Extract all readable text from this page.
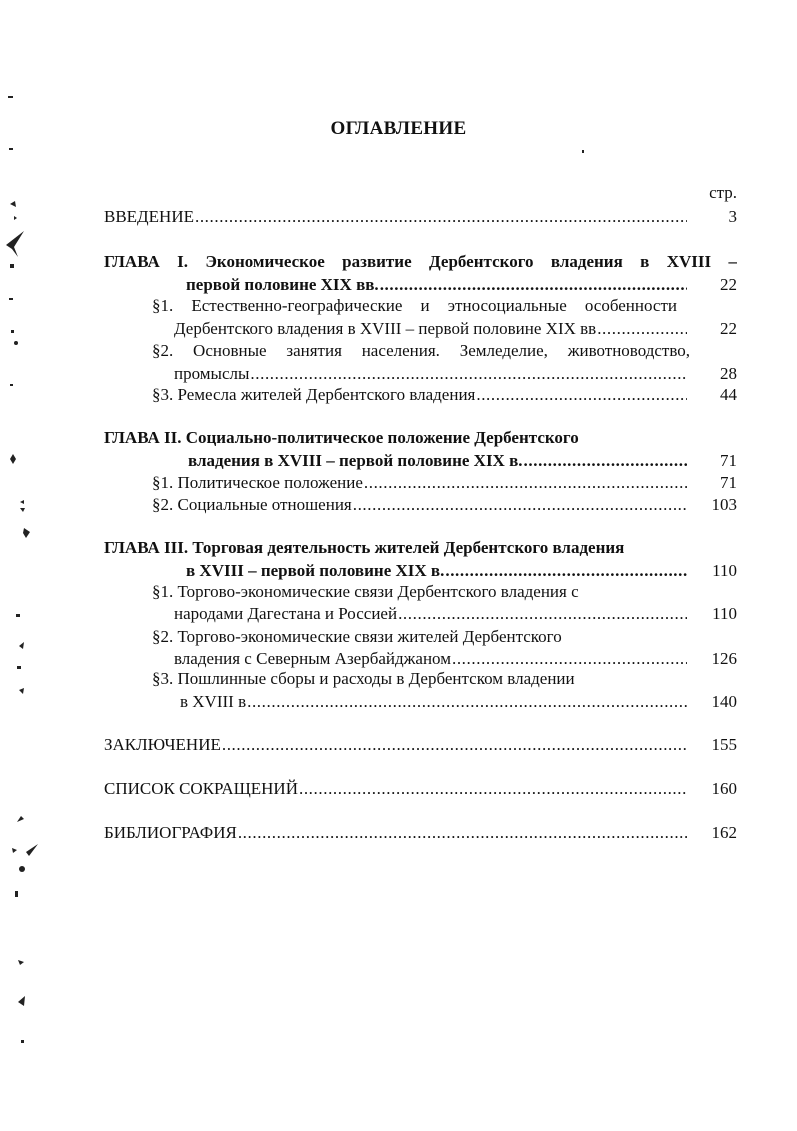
ОГЛАВЛЕНИЕ
стр.
ВВЕДЕНИЕ .....	3
ГЛАВА I. Экономическое развитие Дербентского владения в XVIII –
первой половине XIX вв. .....	22
§1. Естественно-географические и этносоциальные особенности
Дербентского владения в XVIII – первой половине XIX вв .....	22
§2. Основные занятия населения. Земледелие, животноводство,
промыслы .....	28
§3. Ремесла жителей Дербентского владения .....	44
ГЛАВА II. Социально-политическое положение Дербентского
владения в XVIII – первой половине XIX в. .....	71
§1. Политическое положение .....	71
§2. Социальные отношения .....	103
ГЛАВА III. Торговая деятельность жителей Дербентского владения
в XVIII – первой половине XIX в. .....	110
§1. Торгово-экономические связи Дербентского владения с
народами Дагестана и Россией .....	110
§2. Торгово-экономические связи жителей Дербентского
владения с Северным Азербайджаном .....	126
§3. Пошлинные сборы и расходы в Дербентском владении
в XVIII в .....	140
ЗАКЛЮЧЕНИЕ .....	155
СПИСОК СОКРАЩЕНИЙ .....	160
БИБЛИОГРАФИЯ .....	162
